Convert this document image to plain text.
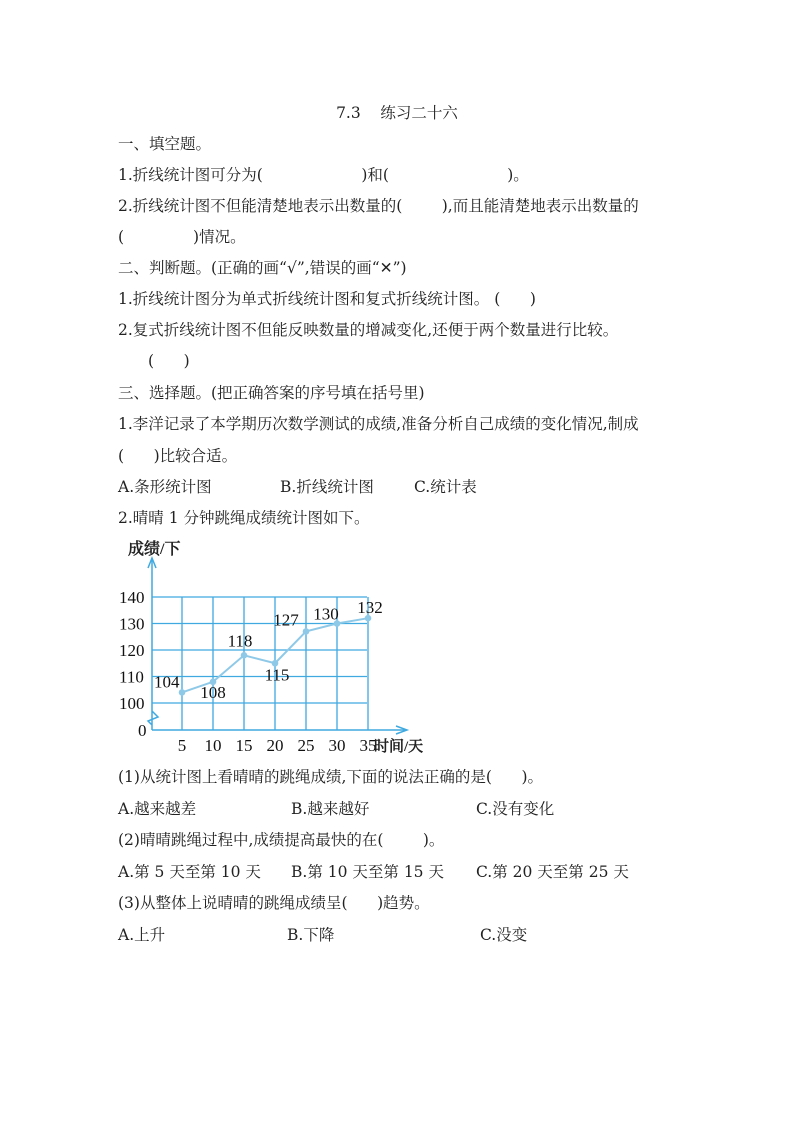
7.3    练习二十六
一、填空题。
1.折线统计图可分为(                    )和(                        )。
2.折线统计图不但能清楚地表示出数量的(        ),而且能清楚地表示出数量的
(              )情况。
二、判断题。(正确的画“√”,错误的画“✕”)
1.折线统计图分为单式折线统计图和复式折线统计图。 (      )
2.复式折线统计图不但能反映数量的增减变化,还便于两个数量进行比较。
(      )
三、选择题。(把正确答案的序号填在括号里)
1.李洋记录了本学期历次数学测试的成绩,准备分析自己成绩的变化情况,制成
(      )比较合适。
A.条形统计图	B.折线统计图	C.统计表
2.晴晴 1 分钟跳绳成绩统计图如下。
成绩/下
0
100
110
120
130
140
5 10 15 20 25 30 35
时间/天
104
108
118
115
127 130 132
(1)从统计图上看晴晴的跳绳成绩,下面的说法正确的是(      )。
A.越来越差	B.越来越好	C.没有变化
(2)晴晴跳绳过程中,成绩提高最快的在(        )。
A.第 5 天至第 10 天 B.第 10 天至第 15 天 C.第 20 天至第 25 天
(3)从整体上说晴晴的跳绳成绩呈(      )趋势。
A.上升	B.下降	C.没变
